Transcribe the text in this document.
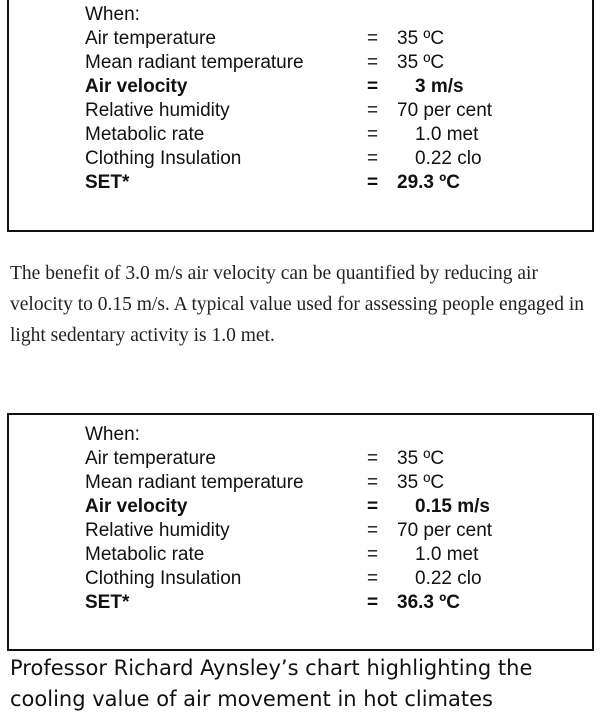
When:
Air temperature	= 35 ºC
Mean radiant temperature	= 35 ºC
Air velocity	= 3 m/s
Relative humidity	= 70 per cent
Metabolic rate	= 1.0 met
Clothing Insulation	= 0.22 clo
SET*	= 29.3 ºC

The benefit of 3.0 m/s air velocity can be quantified by reducing air velocity to 0.15 m/s. A typical value used for assessing people engaged in light sedentary activity is 1.0 met.

When:
Air temperature	= 35 ºC
Mean radiant temperature	= 35 ºC
Air velocity	= 0.15 m/s
Relative humidity	= 70 per cent
Metabolic rate	= 1.0 met
Clothing Insulation	= 0.22 clo
SET*	= 36.3 ºC

Professor Richard Aynsley’s chart highlighting the cooling value of air movement in hot climates
